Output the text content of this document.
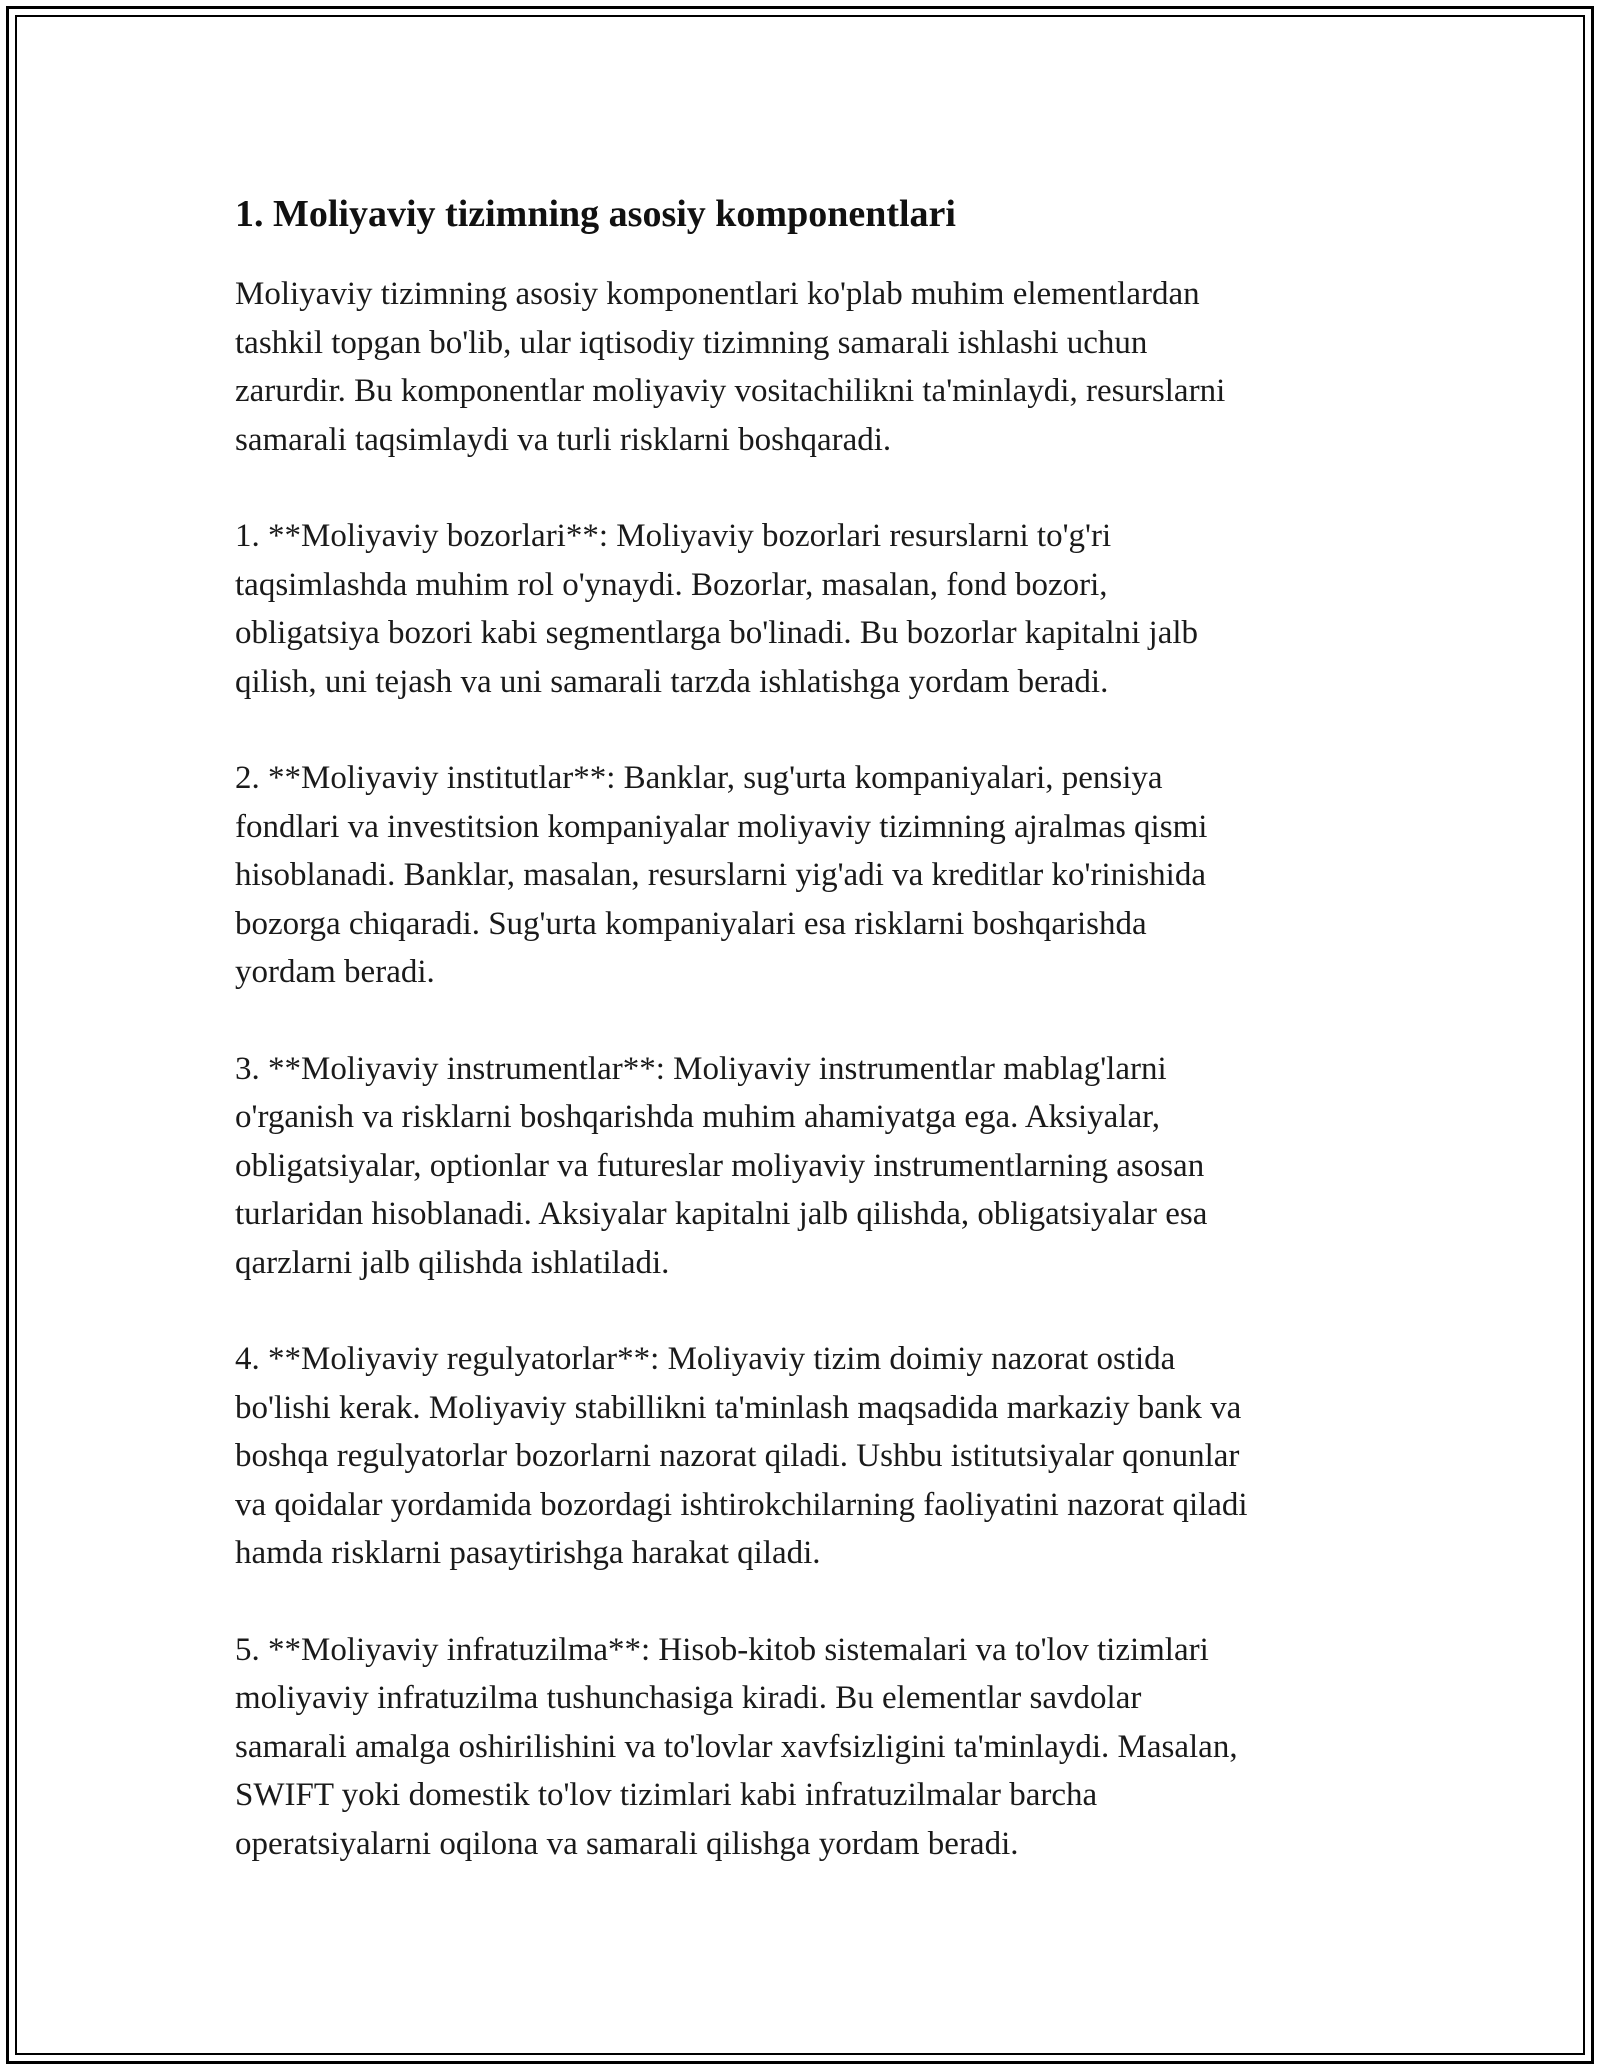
1. Moliyaviy tizimning asosiy komponentlari

Moliyaviy tizimning asosiy komponentlari ko'plab muhim elementlardan
tashkil topgan bo'lib, ular iqtisodiy tizimning samarali ishlashi uchun
zarurdir. Bu komponentlar moliyaviy vositachilikni ta'minlaydi, resurslarni
samarali taqsimlaydi va turli risklarni boshqaradi.

1. **Moliyaviy bozorlari**: Moliyaviy bozorlari resurslarni to'g'ri
taqsimlashda muhim rol o'ynaydi. Bozorlar, masalan, fond bozori,
obligatsiya bozori kabi segmentlarga bo'linadi. Bu bozorlar kapitalni jalb
qilish, uni tejash va uni samarali tarzda ishlatishga yordam beradi.

2. **Moliyaviy institutlar**: Banklar, sug'urta kompaniyalari, pensiya
fondlari va investitsion kompaniyalar moliyaviy tizimning ajralmas qismi
hisoblanadi. Banklar, masalan, resurslarni yig'adi va kreditlar ko'rinishida
bozorga chiqaradi. Sug'urta kompaniyalari esa risklarni boshqarishda
yordam beradi.

3. **Moliyaviy instrumentlar**: Moliyaviy instrumentlar mablag'larni
o'rganish va risklarni boshqarishda muhim ahamiyatga ega. Aksiyalar,
obligatsiyalar, optionlar va futureslar moliyaviy instrumentlarning asosan
turlaridan hisoblanadi. Aksiyalar kapitalni jalb qilishda, obligatsiyalar esa
qarzlarni jalb qilishda ishlatiladi.

4. **Moliyaviy regulyatorlar**: Moliyaviy tizim doimiy nazorat ostida
bo'lishi kerak. Moliyaviy stabillikni ta'minlash maqsadida markaziy bank va
boshqa regulyatorlar bozorlarni nazorat qiladi. Ushbu istitutsiyalar qonunlar
va qoidalar yordamida bozordagi ishtirokchilarning faoliyatini nazorat qiladi
hamda risklarni pasaytirishga harakat qiladi.

5. **Moliyaviy infratuzilma**: Hisob-kitob sistemalari va to'lov tizimlari
moliyaviy infratuzilma tushunchasiga kiradi. Bu elementlar savdolar
samarali amalga oshirilishini va to'lovlar xavfsizligini ta'minlaydi. Masalan,
SWIFT yoki domestik to'lov tizimlari kabi infratuzilmalar barcha
operatsiyalarni oqilona va samarali qilishga yordam beradi.
